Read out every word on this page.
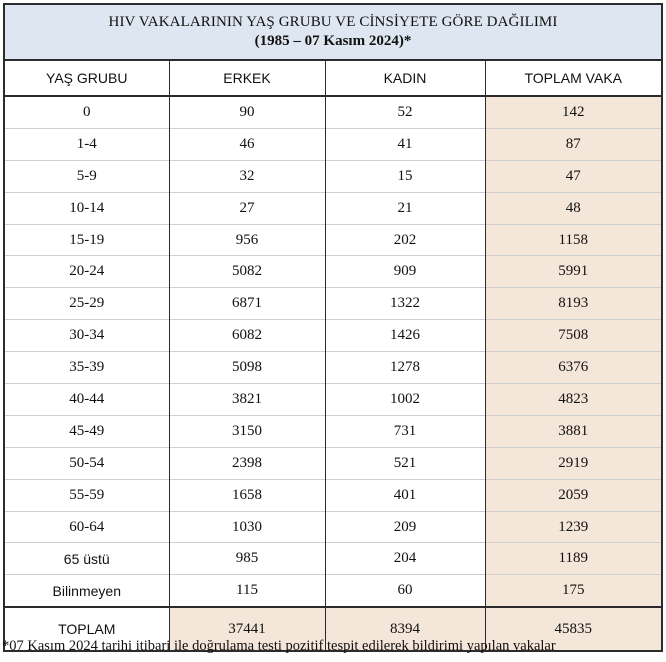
HIV VAKALARININ YAŞ GRUBU VE CİNSİYETE GÖRE DAĞILIMI
(1985 – 07 Kasım 2024)*
YAŞ GRUBU	ERKEK	KADIN	TOPLAM VAKA
0	90	52	142
1-4	46	41	87
5-9	32	15	47
10-14	27	21	48
15-19	956	202	1158
20-24	5082	909	5991
25-29	6871	1322	8193
30-34	6082	1426	7508
35-39	5098	1278	6376
40-44	3821	1002	4823
45-49	3150	731	3881
50-54	2398	521	2919
55-59	1658	401	2059
60-64	1030	209	1239
65 üstü	985	204	1189
Bilinmeyen	115	60	175
TOPLAM	37441	8394	45835
*07 Kasım 2024 tarihi itibari ile doğrulama testi pozitif tespit edilerek bildirimi yapılan vakalar
